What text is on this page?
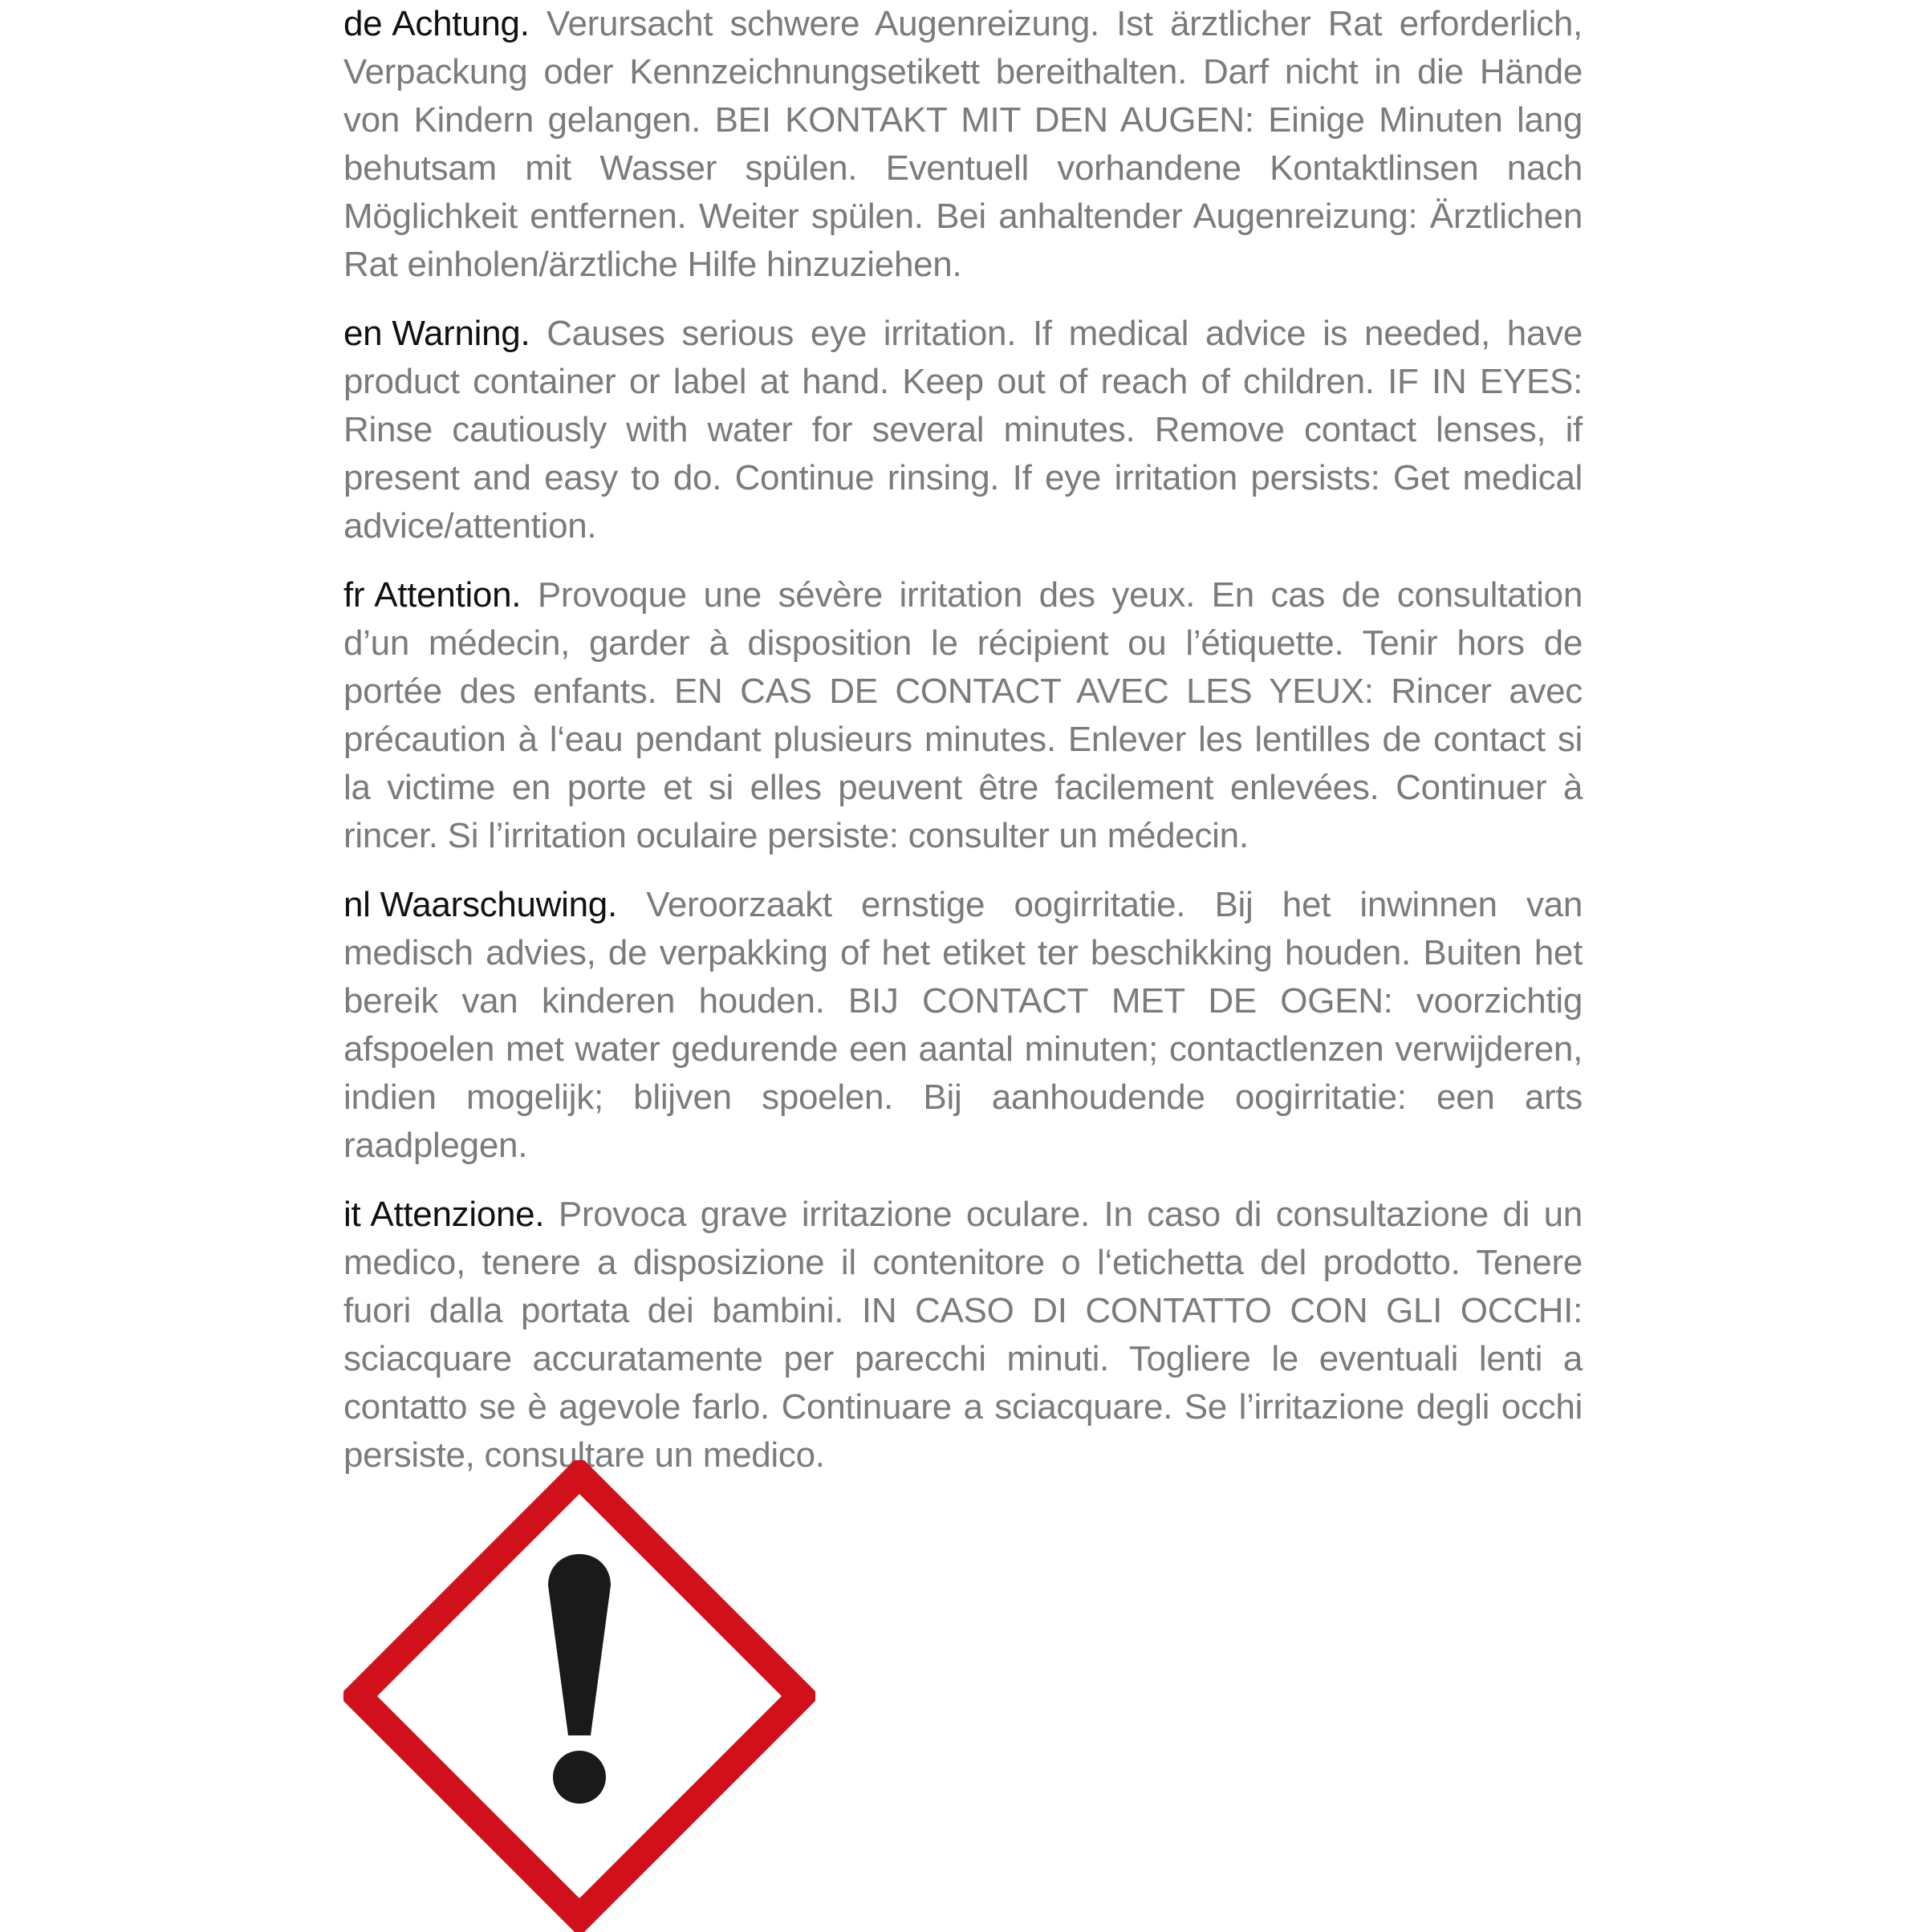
de Achtung. Verursacht schwere Augenreizung. Ist ärztlicher Rat erforderlich, Verpackung oder Kennzeichnungsetikett bereithalten. Darf nicht in die Hände von Kindern gelangen. BEI KONTAKT MIT DEN AUGEN: Einige Minuten lang behutsam mit Wasser spülen. Eventuell vorhandene Kontaktlinsen nach Möglichkeit entfernen. Weiter spülen. Bei anhaltender Augenreizung: Ärztlichen Rat einholen/ärztliche Hilfe hinzuziehen.

en Warning. Causes serious eye irritation. If medical advice is needed, have product container or label at hand. Keep out of reach of children. IF IN EYES: Rinse cautiously with water for several minutes. Remove contact lenses, if present and easy to do. Continue rinsing. If eye irritation persists: Get medical advice/attention.

fr Attention. Provoque une sévère irritation des yeux. En cas de consultation d’un médecin, garder à disposition le récipient ou l’étiquette. Tenir hors de portée des enfants. EN CAS DE CONTACT AVEC LES YEUX: Rincer avec précaution à l‘eau pendant plusieurs minutes. Enlever les lentilles de contact si la victime en porte et si elles peuvent être facilement enlevées. Continuer à rincer. Si l’irritation oculaire persiste: consulter un médecin.

nl Waarschuwing. Veroorzaakt ernstige oogirritatie. Bij het inwinnen van medisch advies, de verpakking of het etiket ter beschikking houden. Buiten het bereik van kinderen houden. BIJ CONTACT MET DE OGEN: voorzichtig afspoelen met water gedurende een aantal minuten; contactlenzen verwijderen, indien mogelijk; blijven spoelen. Bij aanhoudende oogirritatie: een arts raadplegen.

it Attenzione. Provoca grave irritazione oculare. In caso di consultazione di un medico, tenere a disposizione il contenitore o l‘etichetta del prodotto. Tenere fuori dalla portata dei bambini. IN CASO DI CONTATTO CON GLI OCCHI: sciacquare accuratamente per parecchi minuti. Togliere le eventuali lenti a contatto se è agevole farlo. Continuare a sciacquare. Se l’irritazione degli occhi persiste, consultare un medico.
